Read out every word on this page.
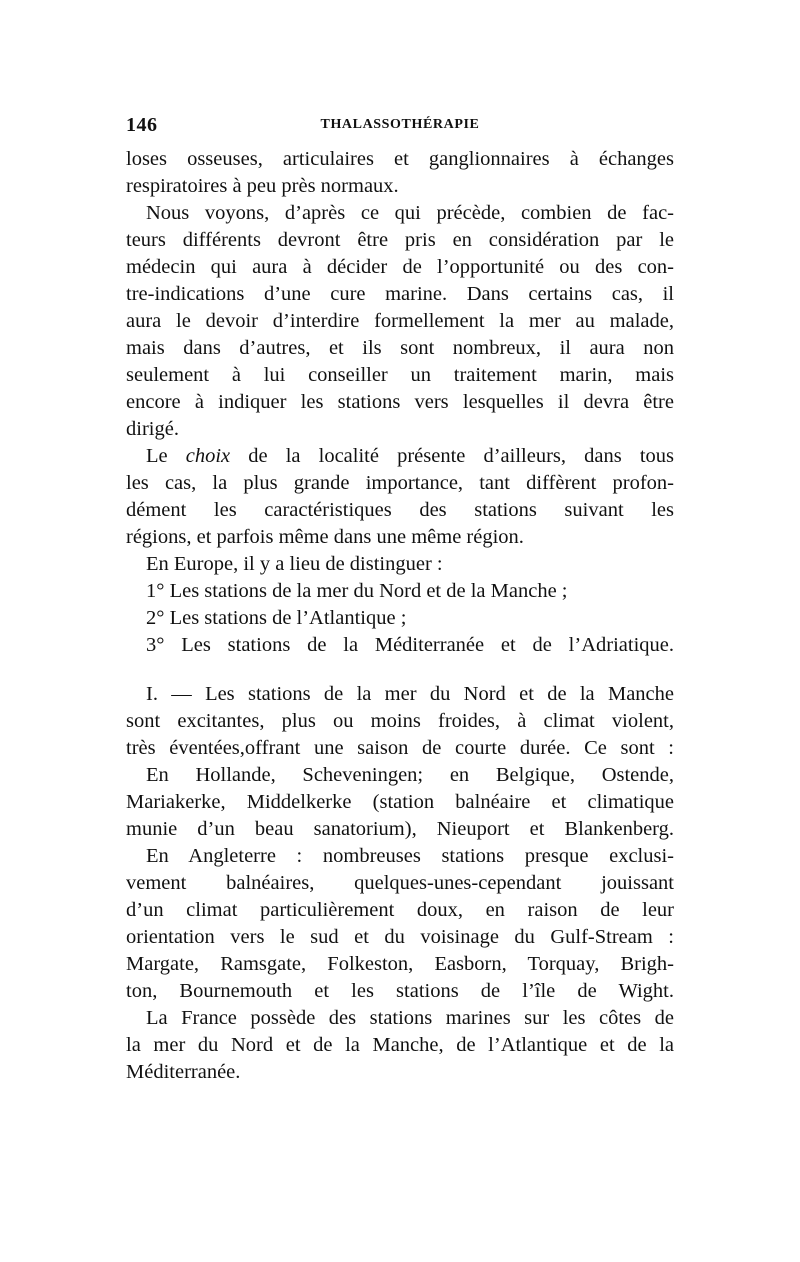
146	THALASSOTHÉRAPIE
loses osseuses, articulaires et ganglionnaires à échanges
respiratoires à peu près normaux.
Nous voyons, d’après ce qui précède, combien de fac-
teurs différents devront être pris en considération par le
médecin qui aura à décider de l’opportunité ou des con-
tre-indications d’une cure marine. Dans certains cas, il
aura le devoir d’interdire formellement la mer au malade,
mais dans d’autres, et ils sont nombreux, il aura non
seulement à lui conseiller un traitement marin, mais
encore à indiquer les stations vers lesquelles il devra être
dirigé.
Le choix de la localité présente d’ailleurs, dans tous
les cas, la plus grande importance, tant diffèrent profon-
dément les caractéristiques des stations suivant les
régions, et parfois même dans une même région.
En Europe, il y a lieu de distinguer :
1° Les stations de la mer du Nord et de la Manche ;
2° Les stations de l’Atlantique ;
3° Les stations de la Méditerranée et de l’Adriatique.
I. — Les stations de la mer du Nord et de la Manche
sont excitantes, plus ou moins froides, à climat violent,
très éventées,offrant une saison de courte durée. Ce sont :
En Hollande, Scheveningen; en Belgique, Ostende,
Mariakerke, Middelkerke (station balnéaire et climatique
munie d’un beau sanatorium), Nieuport et Blankenberg.
En Angleterre : nombreuses stations presque exclusi-
vement balnéaires, quelques-unes-cependant jouissant
d’un climat particulièrement doux, en raison de leur
orientation vers le sud et du voisinage du Gulf-Stream :
Margate, Ramsgate, Folkeston, Easborn, Torquay, Brigh-
ton, Bournemouth et les stations de l’île de Wight.
La France possède des stations marines sur les côtes de
la mer du Nord et de la Manche, de l’Atlantique et de la
Méditerranée.
